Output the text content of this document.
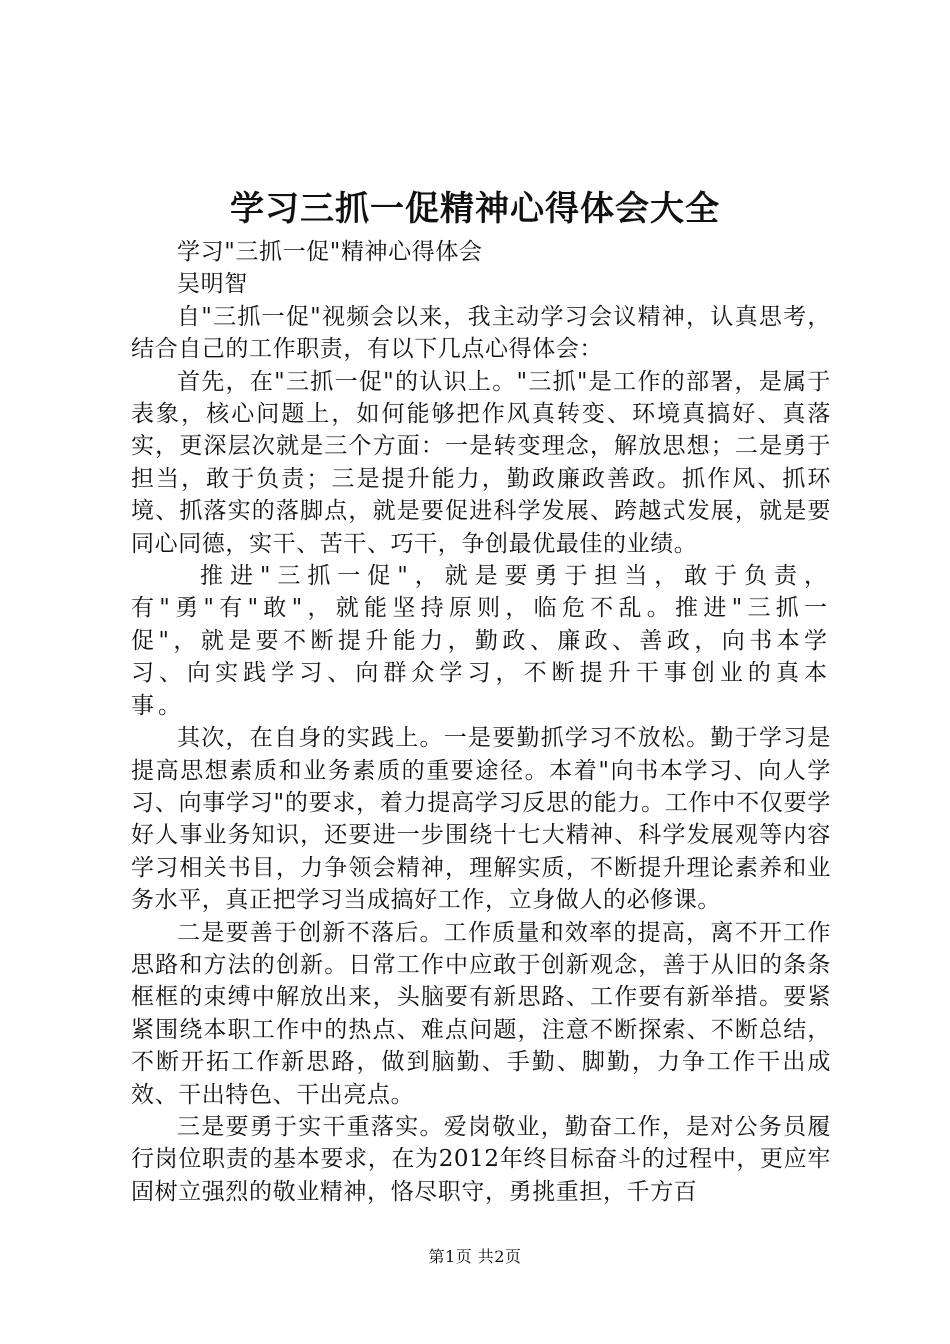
学习三抓一促精神心得体会大全

学习"三抓一促"精神心得体会

吴明智

自"三抓一促"视频会以来，我主动学习会议精神，认真思考，结合自己的工作职责，有以下几点心得体会：

首先，在"三抓一促"的认识上。"三抓"是工作的部署，是属于表象，核心问题上，如何能够把作风真转变、环境真搞好、真落实，更深层次就是三个方面：一是转变理念，解放思想；二是勇于担当，敢于负责；三是提升能力，勤政廉政善政。抓作风、抓环境、抓落实的落脚点，就是要促进科学发展、跨越式发展，就是要同心同德，实干、苦干、巧干，争创最优最佳的业绩。

推进"三抓一促"，就是要勇于担当，敢于负责，有"勇"有"敢"，就能坚持原则，临危不乱。推进"三抓一促"，就是要不断提升能力，勤政、廉政、善政，向书本学习、向实践学习、向群众学习，不断提升干事创业的真本事。

其次，在自身的实践上。一是要勤抓学习不放松。勤于学习是提高思想素质和业务素质的重要途径。本着"向书本学习、向人学习、向事学习"的要求，着力提高学习反思的能力。工作中不仅要学好人事业务知识，还要进一步围绕十七大精神、科学发展观等内容学习相关书目，力争领会精神，理解实质，不断提升理论素养和业务水平，真正把学习当成搞好工作，立身做人的必修课。

二是要善于创新不落后。工作质量和效率的提高，离不开工作思路和方法的创新。日常工作中应敢于创新观念，善于从旧的条条框框的束缚中解放出来，头脑要有新思路、工作要有新举措。要紧紧围绕本职工作中的热点、难点问题，注意不断探索、不断总结，不断开拓工作新思路，做到脑勤、手勤、脚勤，力争工作干出成效、干出特色、干出亮点。

三是要勇于实干重落实。爱岗敬业，勤奋工作，是对公务员履行岗位职责的基本要求，在为2012年终目标奋斗的过程中，更应牢固树立强烈的敬业精神，恪尽职守，勇挑重担，千方百

第1页 共2页
